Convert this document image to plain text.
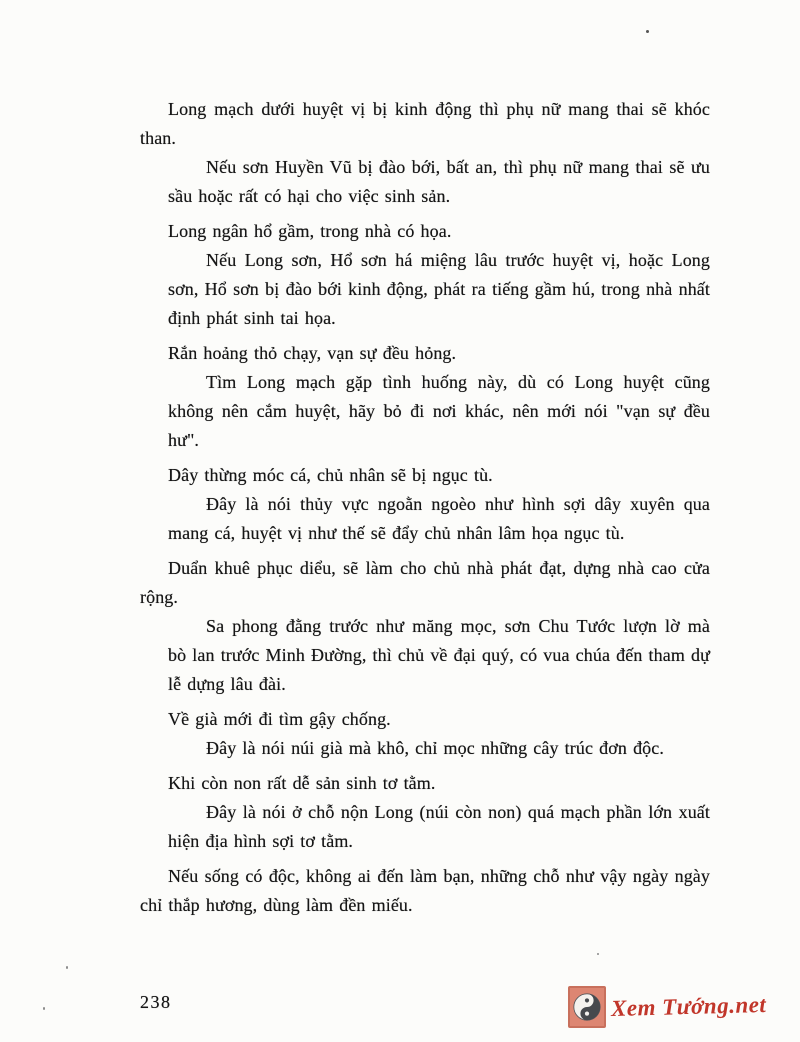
Long mạch dưới huyệt vị bị kinh động thì phụ nữ mang thai sẽ khóc than.

Nếu sơn Huyền Vũ bị đào bới, bất an, thì phụ nữ mang thai sẽ ưu sầu hoặc rất có hại cho việc sinh sản.

Long ngân hổ gầm, trong nhà có họa.

Nếu Long sơn, Hổ sơn há miệng lâu trước huyệt vị, hoặc Long sơn, Hổ sơn bị đào bới kinh động, phát ra tiếng gầm hú, trong nhà nhất định phát sinh tai họa.

Rắn hoảng thỏ chạy, vạn sự đều hỏng.

Tìm Long mạch gặp tình huống này, dù có Long huyệt cũng không nên cắm huyệt, hãy bỏ đi nơi khác, nên mới nói "vạn sự đều hư".

Dây thừng móc cá, chủ nhân sẽ bị ngục tù.

Đây là nói thủy vực ngoằn ngoèo như hình sợi dây xuyên qua mang cá, huyệt vị như thế sẽ đẩy chủ nhân lâm họa ngục tù.

Duẩn khuê phục diểu, sẽ làm cho chủ nhà phát đạt, dựng nhà cao cửa rộng.

Sa phong đằng trước như măng mọc, sơn Chu Tước lượn lờ mà bò lan trước Minh Đường, thì chủ về đại quý, có vua chúa đến tham dự lễ dựng lâu đài.

Về già mới đi tìm gậy chống.

Đây là nói núi già mà khô, chỉ mọc những cây trúc đơn độc.

Khi còn non rất dễ sản sinh tơ tằm.

Đây là nói ở chỗ nộn Long (núi còn non) quá mạch phần lớn xuất hiện địa hình sợi tơ tằm.

Nếu sống có độc, không ai đến làm bạn, những chỗ như vậy ngày ngày chỉ thắp hương, dùng làm đền miếu.

238	Xem Tướng.net
